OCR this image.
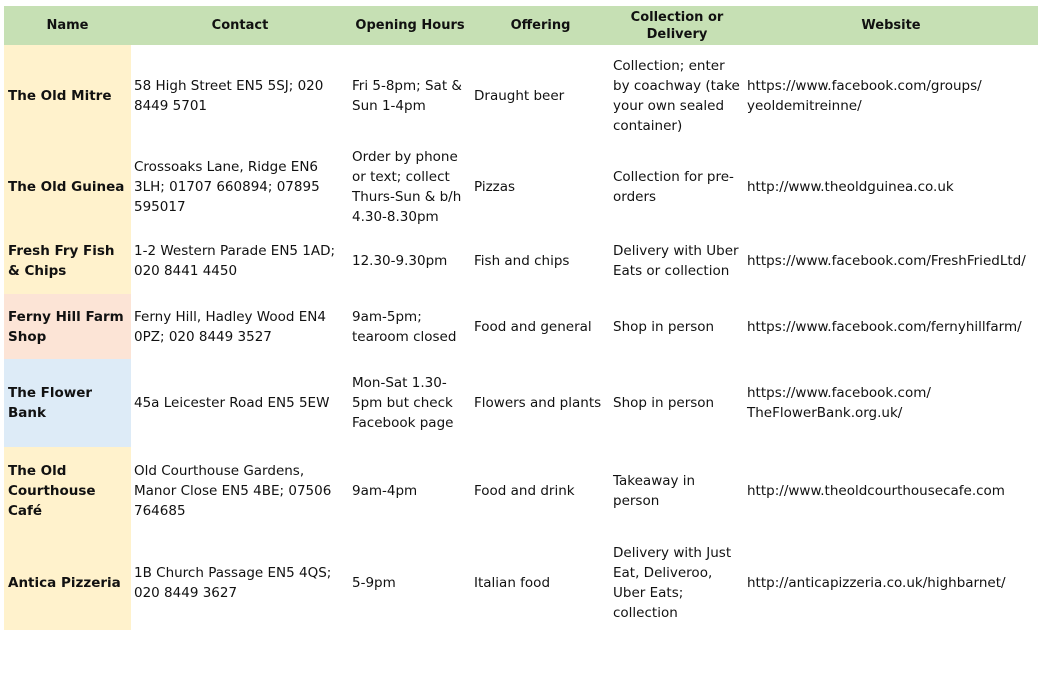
Name	Contact	Opening Hours	Offering	Collection or Delivery	Website
The Old Mitre	58 High Street EN5 5SJ; 020 8449 5701	Fri 5-8pm; Sat & Sun 1-4pm	Draught beer	Collection; enter by coachway (take your own sealed container)	https://www.facebook.com/groups/yeoldemitreinne/
The Old Guinea	Crossoaks Lane, Ridge EN6 3LH; 01707 660894; 07895 595017	Order by phone or text; collect Thurs-Sun & b/h 4.30-8.30pm	Pizzas	Collection for pre-orders	http://www.theoldguinea.co.uk
Fresh Fry Fish & Chips	1-2 Western Parade EN5 1AD; 020 8441 4450	12.30-9.30pm	Fish and chips	Delivery with Uber Eats or collection	https://www.facebook.com/FreshFriedLtd/
Ferny Hill Farm Shop	Ferny Hill, Hadley Wood EN4 0PZ; 020 8449 3527	9am-5pm; tearoom closed	Food and general	Shop in person	https://www.facebook.com/fernyhillfarm/
The Flower Bank	45a Leicester Road EN5 5EW	Mon-Sat 1.30-5pm but check Facebook page	Flowers and plants	Shop in person	https://www.facebook.com/TheFlowerBank.org.uk/
The Old Courthouse Café	Old Courthouse Gardens, Manor Close EN5 4BE; 07506 764685	9am-4pm	Food and drink	Takeaway in person	http://www.theoldcourthousecafe.com
Antica Pizzeria	1B Church Passage EN5 4QS; 020 8449 3627	5-9pm	Italian food	Delivery with Just Eat, Deliveroo, Uber Eats; collection	http://anticapizzeria.co.uk/highbarnet/
